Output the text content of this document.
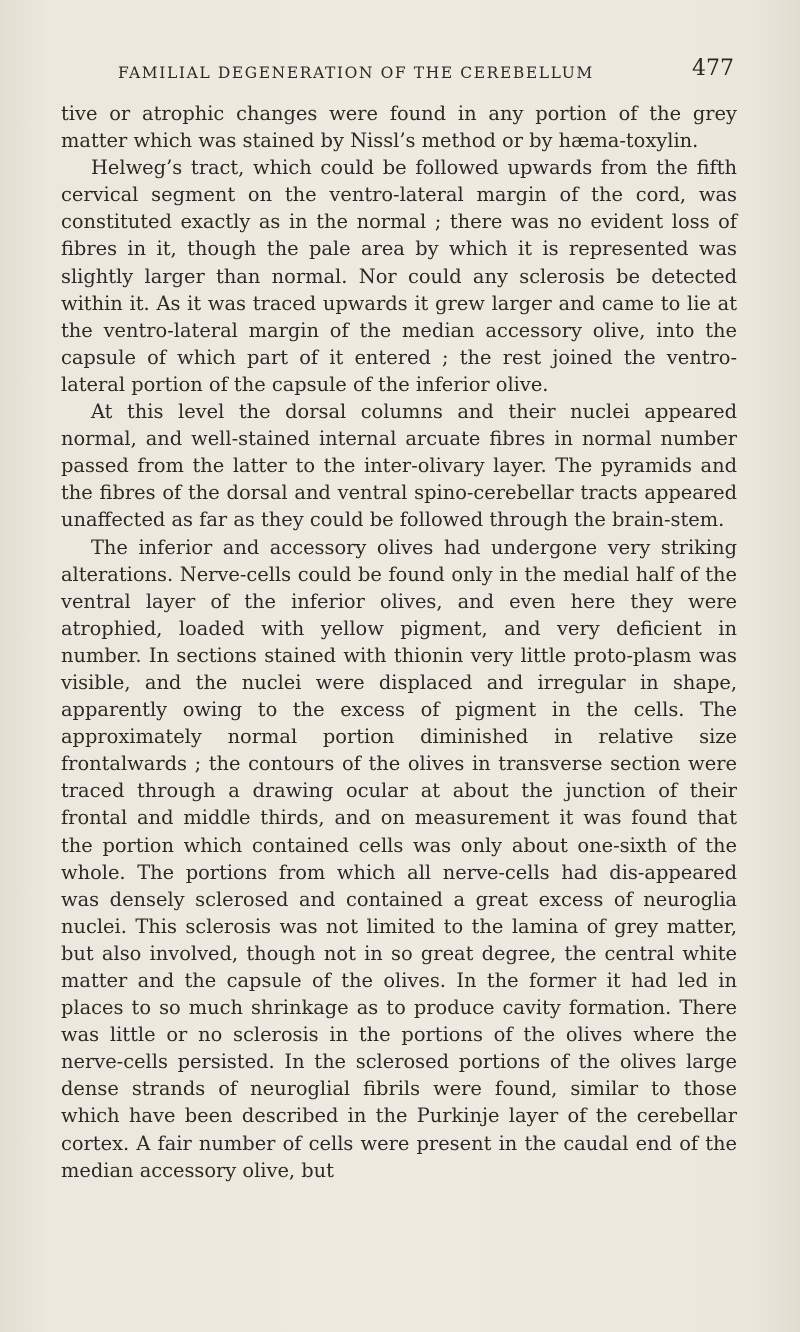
FAMILIAL DEGENERATION OF THE CEREBELLUM	477

tive or atrophic changes were found in any portion of the grey matter which was stained by Nissl’s method or by hæma-toxylin.

Helweg’s tract, which could be followed upwards from the fifth cervical segment on the ventro-lateral margin of the cord, was constituted exactly as in the normal ; there was no evident loss of fibres in it, though the pale area by which it is represented was slightly larger than normal. Nor could any sclerosis be detected within it. As it was traced upwards it grew larger and came to lie at the ventro-lateral margin of the median accessory olive, into the capsule of which part of it entered ; the rest joined the ventro-lateral portion of the capsule of the inferior olive.

At this level the dorsal columns and their nuclei appeared normal, and well-stained internal arcuate fibres in normal number passed from the latter to the inter-olivary layer. The pyramids and the fibres of the dorsal and ventral spino-cerebellar tracts appeared unaffected as far as they could be followed through the brain-stem.

The inferior and accessory olives had undergone very striking alterations. Nerve-cells could be found only in the medial half of the ventral layer of the inferior olives, and even here they were atrophied, loaded with yellow pigment, and very deficient in number. In sections stained with thionin very little proto-plasm was visible, and the nuclei were displaced and irregular in shape, apparently owing to the excess of pigment in the cells. The approximately normal portion diminished in relative size frontalwards ; the contours of the olives in transverse section were traced through a drawing ocular at about the junction of their frontal and middle thirds, and on measurement it was found that the portion which contained cells was only about one-sixth of the whole. The portions from which all nerve-cells had dis-appeared was densely sclerosed and contained a great excess of neuroglia nuclei. This sclerosis was not limited to the lamina of grey matter, but also involved, though not in so great degree, the central white matter and the capsule of the olives. In the former it had led in places to so much shrinkage as to produce cavity formation. There was little or no sclerosis in the portions of the olives where the nerve-cells persisted. In the sclerosed portions of the olives large dense strands of neuroglial fibrils were found, similar to those which have been described in the Purkinje layer of the cerebellar cortex. A fair number of cells were present in the caudal end of the median accessory olive, but
